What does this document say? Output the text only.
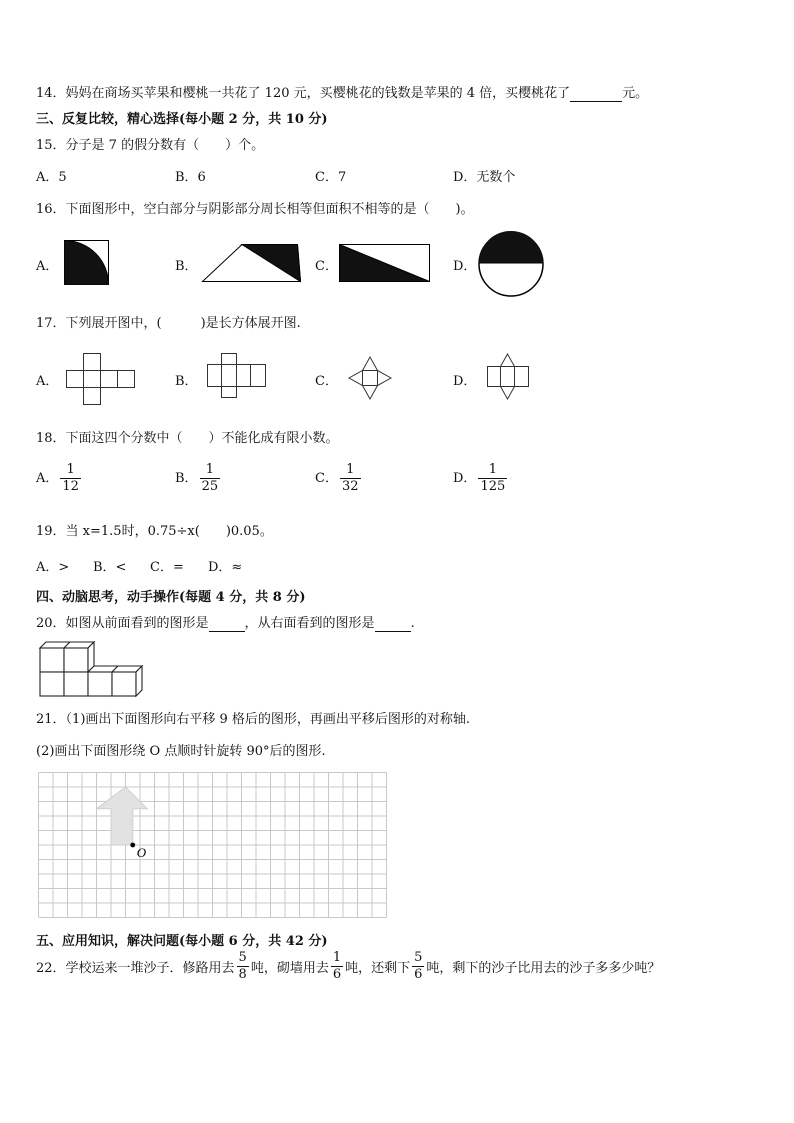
14．妈妈在商场买苹果和樱桃一共花了 120 元，买樱桃花的钱数是苹果的 4 倍，买樱桃花了	元。
三、反复比较，精心选择(每小题 2 分，共 10 分)
15．分子是 7 的假分数有（　　）个。
A．5	B．6	C．7	D．无数个
16．下面图形中，空白部分与阴影部分周长相等但面积不相等的是（　　)。
A．	B．	C．	D．
17．下列展开图中，(　　　)是长方体展开图.
A．	B．	C．	D．
18．下面这四个分数中（　　）不能化成有限小数。
A． $\frac{1}{12}$	B． $\frac{1}{25}$	C． $\frac{1}{32}$	D． $\frac{1}{125}$
19．当 x=1.5时，0.75÷x(　　)0.05。
A．> B．< C．= D．≈
四、动脑思考，动手操作(每题 4 分，共 8 分)
20．如图从前面看到的图形是	，从右面看到的图形是	.
21．（1)画出下面图形向右平移 9 格后的图形，再画出平移后图形的对称轴.
(2)画出下面图形绕 O 点顺时针旋转 90°后的图形.
O
五、应用知识，解决问题(每小题 6 分，共 42 分)
22．学校运来一堆沙子．修路用去 $\frac{5}{8}$ 吨，砌墙用去 $\frac{1}{6}$ 吨，还剩下 $\frac{5}{6}$ 吨，剩下的沙子比用去的沙子多多少吨？
